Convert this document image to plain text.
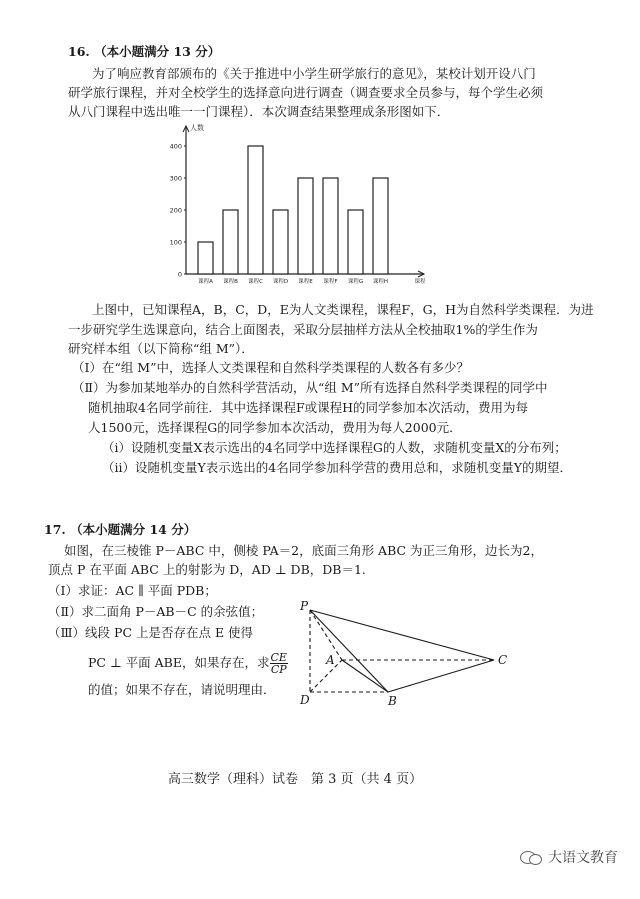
16. （本小题满分 13 分）
为了响应教育部颁布的《关于推进中小学生研学旅行的意见》，某校计划开设八门
研学旅行课程，并对全校学生的选择意向进行调查（调查要求全员参与，每个学生必须
从八门课程中选出唯一一门课程）．本次调查结果整理成条形图如下．
人数
0
100
200
300
400
课程A 课程B 课程C 课程D 课程E 课程F 课程G 课程H	课程
上图中，已知课程A，B，C，D，E为人文类课程，课程F，G，H为自然科学类课程．为进
一步研究学生选课意向，结合上面图表，采取分层抽样方法从全校抽取1%的学生作为
研究样本组（以下简称“组 M”）．
（Ⅰ）在“组 M”中，选择人文类课程和自然科学类课程的人数各有多少？
（Ⅱ）为参加某地举办的自然科学营活动，从“组 M”所有选择自然科学类课程的同学中
随机抽取4名同学前往．其中选择课程F或课程H的同学参加本次活动，费用为每
人1500元，选择课程G的同学参加本次活动，费用为每人2000元．
（i）设随机变量X表示选出的4名同学中选择课程G的人数，求随机变量X的分布列；
（ii）设随机变量Y表示选出的4名同学参加科学营的费用总和，求随机变量Y的期望．
17. （本小题满分 14 分）
如图，在三棱锥 P－ABC 中，侧棱 PA＝2，底面三角形 ABC 为正三角形，边长为2，
顶点 P 在平面 ABC 上的射影为 D，AD ⊥ DB，DB＝1.
（Ⅰ）求证：AC ∥ 平面 PDB；
（Ⅱ）求二面角 P－AB－C 的余弦值；
（Ⅲ）线段 PC 上是否存在点 E 使得
PC ⊥ 平面 ABE，如果存在，求 $\frac{CE}{CP}$
的值；如果不存在，请说明理由．
P
A
B
C
D
高三数学（理科）试卷　第 3 页（共 4 页）
大语文教育
